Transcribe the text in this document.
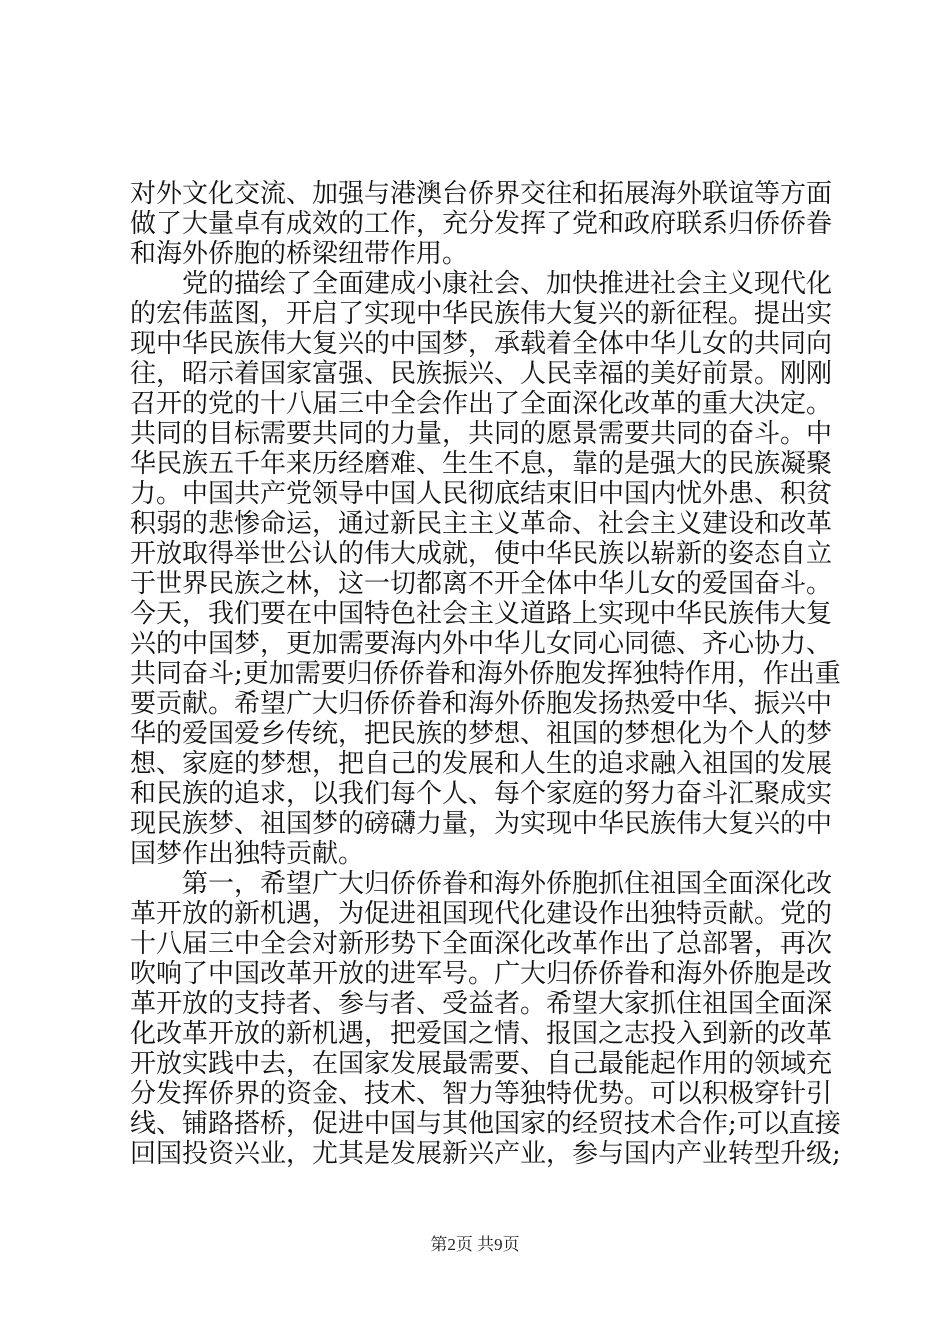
对外文化交流、加强与港澳台侨界交往和拓展海外联谊等方面
做了大量卓有成效的工作，充分发挥了党和政府联系归侨侨眷
和海外侨胞的桥梁纽带作用。
党的描绘了全面建成小康社会、加快推进社会主义现代化
的宏伟蓝图，开启了实现中华民族伟大复兴的新征程。提出实
现中华民族伟大复兴的中国梦，承载着全体中华儿女的共同向
往，昭示着国家富强、民族振兴、人民幸福的美好前景。刚刚
召开的党的十八届三中全会作出了全面深化改革的重大决定。
共同的目标需要共同的力量，共同的愿景需要共同的奋斗。中
华民族五千年来历经磨难、生生不息，靠的是强大的民族凝聚
力。中国共产党领导中国人民彻底结束旧中国内忧外患、积贫
积弱的悲惨命运，通过新民主主义革命、社会主义建设和改革
开放取得举世公认的伟大成就，使中华民族以崭新的姿态自立
于世界民族之林，这一切都离不开全体中华儿女的爱国奋斗。
今天，我们要在中国特色社会主义道路上实现中华民族伟大复
兴的中国梦，更加需要海内外中华儿女同心同德、齐心协力、
共同奋斗;更加需要归侨侨眷和海外侨胞发挥独特作用，作出重
要贡献。希望广大归侨侨眷和海外侨胞发扬热爱中华、振兴中
华的爱国爱乡传统，把民族的梦想、祖国的梦想化为个人的梦
想、家庭的梦想，把自己的发展和人生的追求融入祖国的发展
和民族的追求，以我们每个人、每个家庭的努力奋斗汇聚成实
现民族梦、祖国梦的磅礴力量，为实现中华民族伟大复兴的中
国梦作出独特贡献。
第一，希望广大归侨侨眷和海外侨胞抓住祖国全面深化改
革开放的新机遇，为促进祖国现代化建设作出独特贡献。党的
十八届三中全会对新形势下全面深化改革作出了总部署，再次
吹响了中国改革开放的进军号。广大归侨侨眷和海外侨胞是改
革开放的支持者、参与者、受益者。希望大家抓住祖国全面深
化改革开放的新机遇，把爱国之情、报国之志投入到新的改革
开放实践中去，在国家发展最需要、自己最能起作用的领域充
分发挥侨界的资金、技术、智力等独特优势。可以积极穿针引
线、铺路搭桥，促进中国与其他国家的经贸技术合作;可以直接
回国投资兴业，尤其是发展新兴产业，参与国内产业转型升级;
第2页 共9页
